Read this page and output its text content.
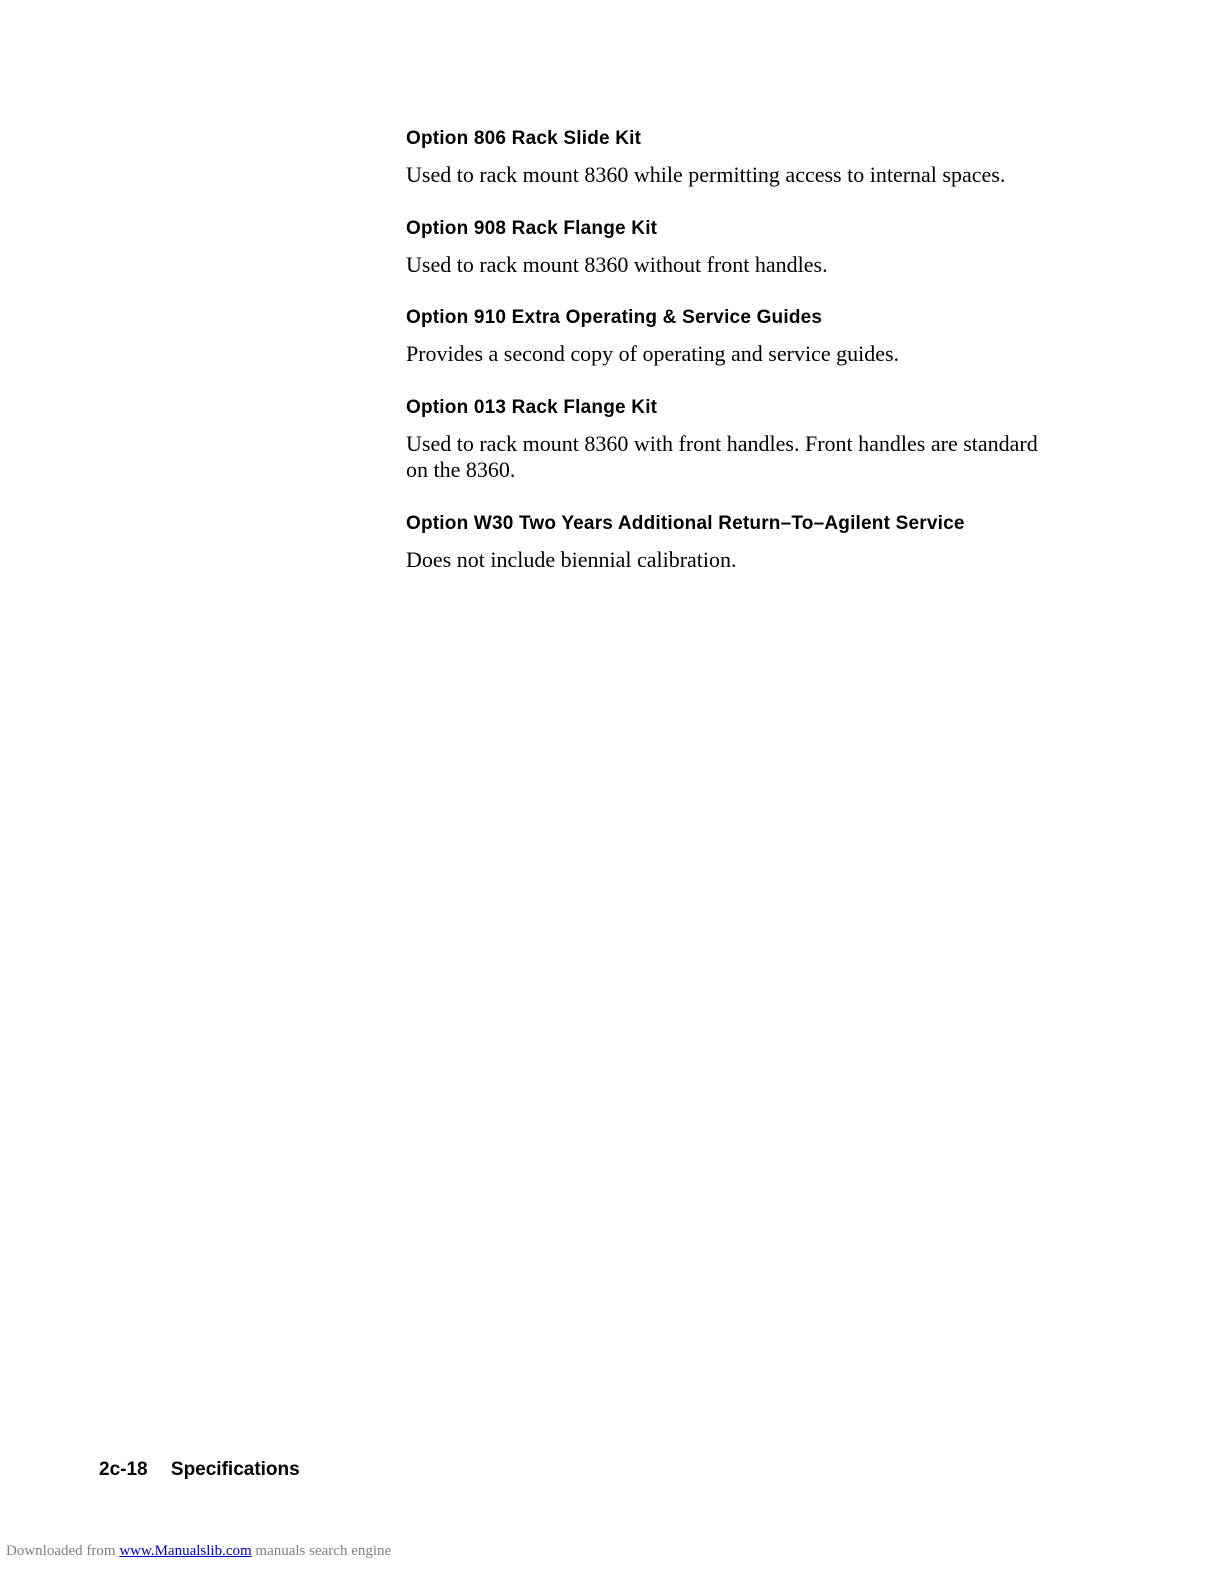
Option 806 Rack Slide Kit

Used to rack mount 8360 while permitting access to internal spaces.

Option 908 Rack Flange Kit

Used to rack mount 8360 without front handles.

Option 910 Extra Operating & Service Guides

Provides a second copy of operating and service guides.

Option 013 Rack Flange Kit

Used to rack mount 8360 with front handles. Front handles are standard on the 8360.

Option W30 Two Years Additional Return–To–Agilent Service

Does not include biennial calibration.

2c-18 Specifications
Downloaded from www.Manualslib.com manuals search engine
